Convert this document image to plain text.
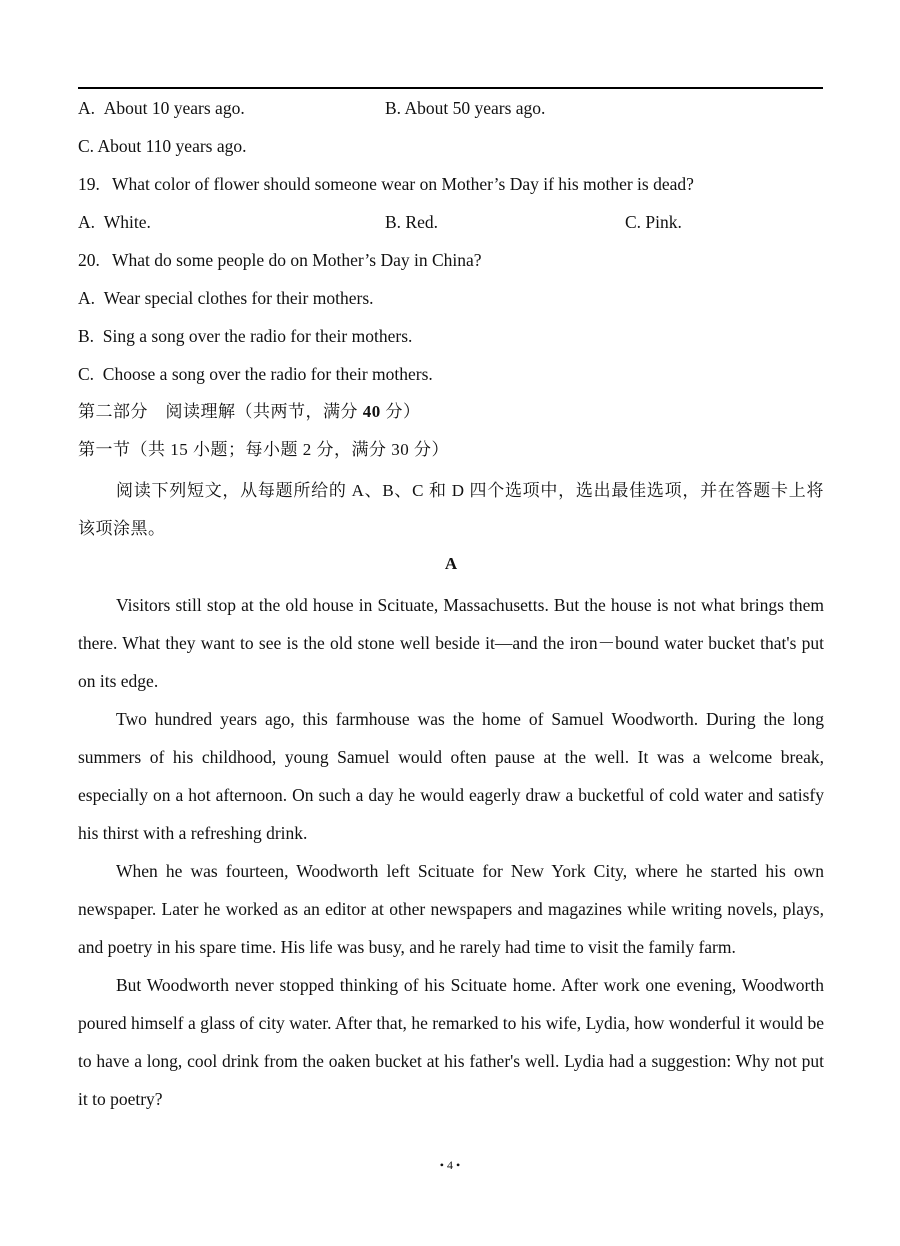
A.  About 10 years ago.	B. About 50 years ago.
C. About 110 years ago.
19. What color of flower should someone wear on Mother’s Day if his mother is dead?
A.  White.	B. Red.	C. Pink.
20. What do some people do on Mother’s Day in China?
A.  Wear special clothes for their mothers.
B.  Sing a song over the radio for their mothers.
C.  Choose a song over the radio for their mothers.
第二部分　阅读理解（共两节，满分 40 分）
第一节（共 15 小题；每小题 2 分，满分 30 分）

阅读下列短文，从每题所给的 A、B、C 和 D 四个选项中，选出最佳选项，并在答题卡上将该项涂黑。

A

Visitors still stop at the old house in Scituate, Massachusetts. But the house is not what brings them there. What they want to see is the old stone well beside it—and the iron－bound water bucket that's put on its edge.

Two hundred years ago, this farmhouse was the home of Samuel Woodworth. During the long summers of his childhood, young Samuel would often pause at the well. It was a welcome break, especially on a hot afternoon. On such a day he would eagerly draw a bucketful of cold water and satisfy his thirst with a refreshing drink.

When he was fourteen, Woodworth left Scituate for New York City, where he started his own newspaper. Later he worked as an editor at other newspapers and magazines while writing novels, plays, and poetry in his spare time. His life was busy, and he rarely had time to visit the family farm.

But Woodworth never stopped thinking of his Scituate home. After work one evening, Woodworth poured himself a glass of city water. After that, he remarked to his wife, Lydia, how wonderful it would be to have a long, cool drink from the oaken bucket at his father's well. Lydia had a suggestion: Why not put it to poetry?

• 4 •
